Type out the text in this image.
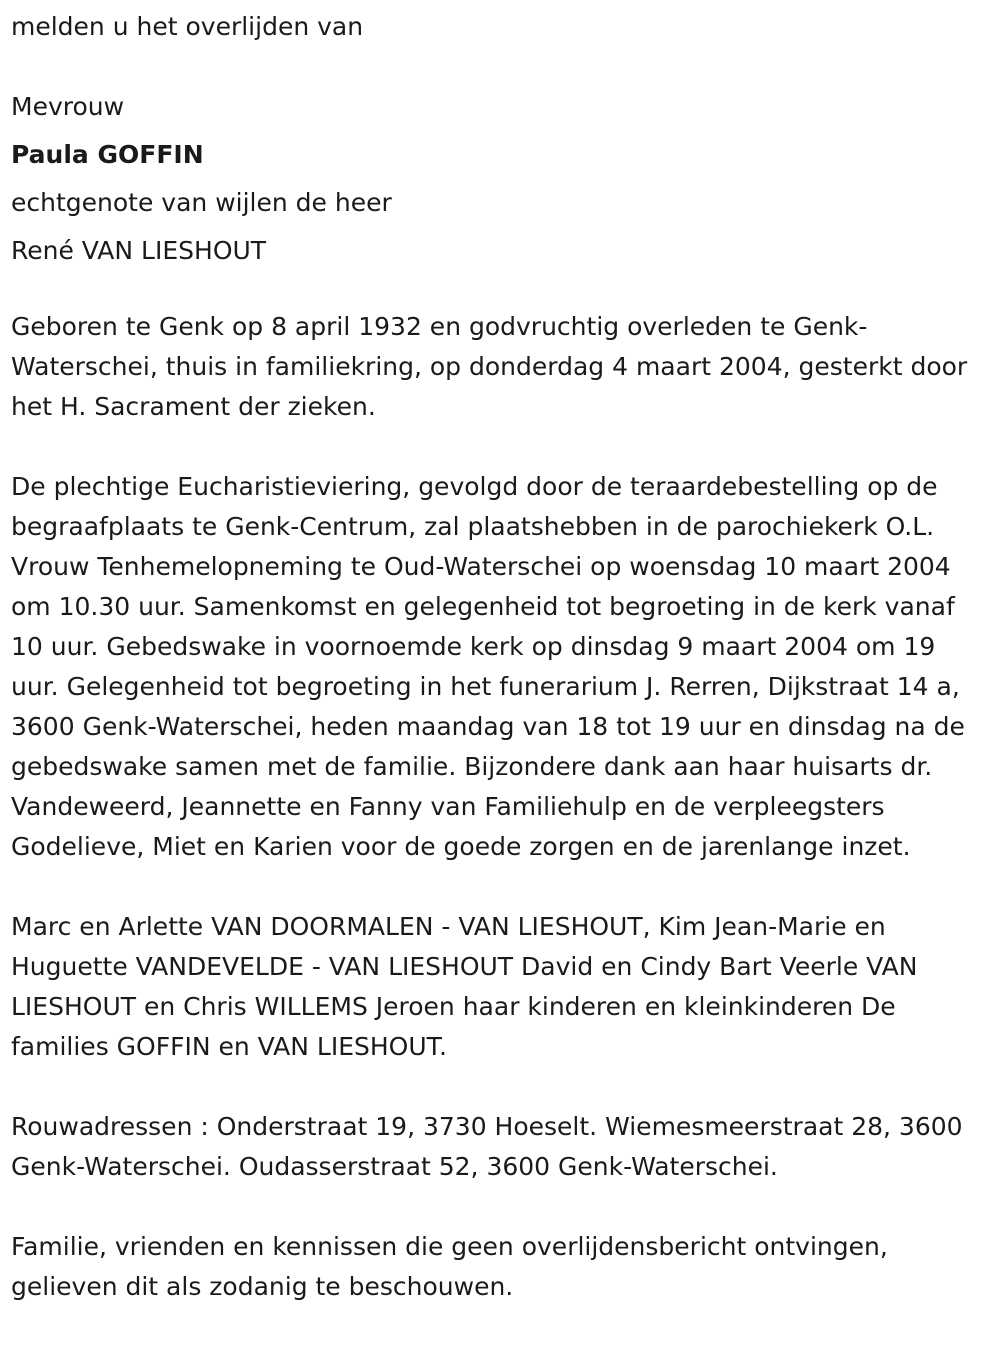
melden u het overlijden van

Mevrouw

Paula GOFFIN

echtgenote van wijlen de heer

René VAN LIESHOUT

Geboren te Genk op 8 april 1932 en godvruchtig overleden te Genk-Waterschei, thuis in familiekring, op donderdag 4 maart 2004, gesterkt door het H. Sacrament der zieken.

De plechtige Eucharistieviering, gevolgd door de teraardebestelling op de begraafplaats te Genk-Centrum, zal plaatshebben in de parochiekerk O.L. Vrouw Tenhemelopneming te Oud-Waterschei op woensdag 10 maart 2004 om 10.30 uur. Samenkomst en gelegenheid tot begroeting in de kerk vanaf 10 uur. Gebedswake in voornoemde kerk op dinsdag 9 maart 2004 om 19 uur. Gelegenheid tot begroeting in het funerarium J. Rerren, Dijkstraat 14 a, 3600 Genk-Waterschei, heden maandag van 18 tot 19 uur en dinsdag na de gebedswake samen met de familie. Bijzondere dank aan haar huisarts dr. Vandeweerd, Jeannette en Fanny van Familiehulp en de verpleegsters Godelieve, Miet en Karien voor de goede zorgen en de jarenlange inzet.

Marc en Arlette VAN DOORMALEN - VAN LIESHOUT, Kim Jean-Marie en Huguette VANDEVELDE - VAN LIESHOUT David en Cindy Bart Veerle VAN LIESHOUT en Chris WILLEMS Jeroen haar kinderen en kleinkinderen De families GOFFIN en VAN LIESHOUT.

Rouwadressen : Onderstraat 19, 3730 Hoeselt. Wiemesmeerstraat 28, 3600 Genk-Waterschei. Oudasserstraat 52, 3600 Genk-Waterschei.

Familie, vrienden en kennissen die geen overlijdensbericht ontvingen, gelieven dit als zodanig te beschouwen.
